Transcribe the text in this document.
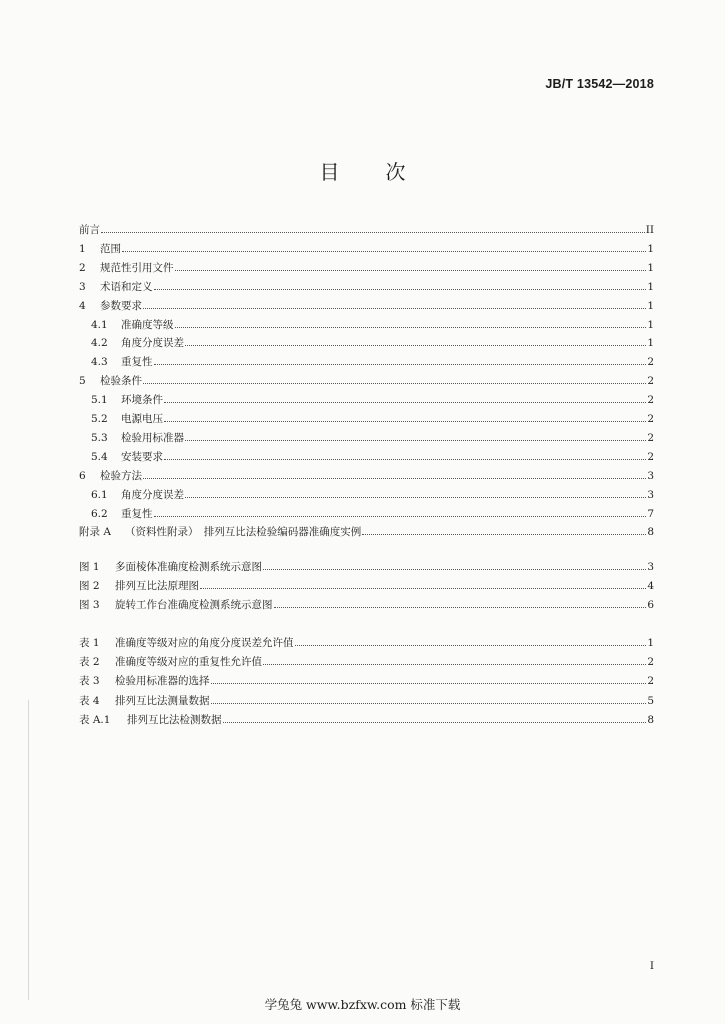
JB/T 13542—2018
目 次
前言	II
1	范围	1
2	规范性引用文件	1
3	术语和定义	1
4	参数要求	1
4.1	准确度等级	1
4.2	角度分度误差	1
4.3	重复性	2
5	检验条件	2
5.1	环境条件	2
5.2	电源电压	2
5.3	检验用标准器	2
5.4	安装要求	2
6	检验方法	3
6.1	角度分度误差	3
6.2	重复性	7
附录 A	（资料性附录）　排列互比法检验编码器准确度实例	8
图 1	多面棱体准确度检测系统示意图	3
图 2	排列互比法原理图	4
图 3	旋转工作台准确度检测系统示意图	6
表 1	准确度等级对应的角度分度误差允许值	1
表 2	准确度等级对应的重复性允许值	2
表 3	检验用标准器的选择	2
表 4	排列互比法测量数据	5
表 A.1	排列互比法检测数据	8
I
学兔兔 www.bzfxw.com 标准下载
